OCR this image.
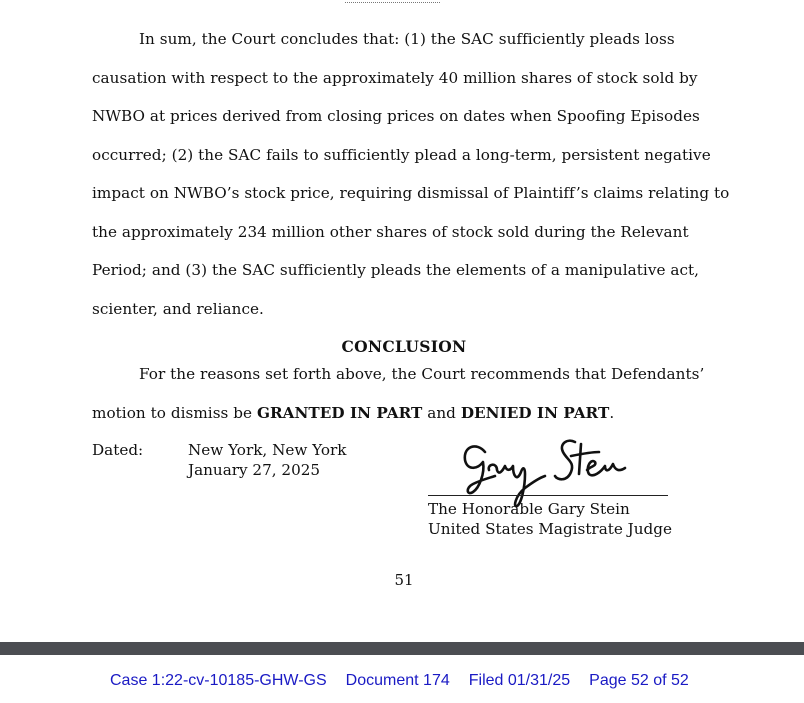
In sum, the Court concludes that: (1) the SAC sufficiently pleads loss
causation with respect to the approximately 40 million shares of stock sold by
NWBO at prices derived from closing prices on dates when Spoofing Episodes
occurred; (2) the SAC fails to sufficiently plead a long-term, persistent negative
impact on NWBO’s stock price, requiring dismissal of Plaintiff’s claims relating to
the approximately 234 million other shares of stock sold during the Relevant
Period; and (3) the SAC sufficiently pleads the elements of a manipulative act,
scienter, and reliance.
CONCLUSION
For the reasons set forth above, the Court recommends that Defendants’
motion to dismiss be GRANTED IN PART and DENIED IN PART.
Dated:	New York, New York
January 27, 2025
The Honorable Gary Stein
United States Magistrate Judge
51
Case 1:22-cv-10185-GHW-GS Document 174 Filed 01/31/25 Page 52 of 52
